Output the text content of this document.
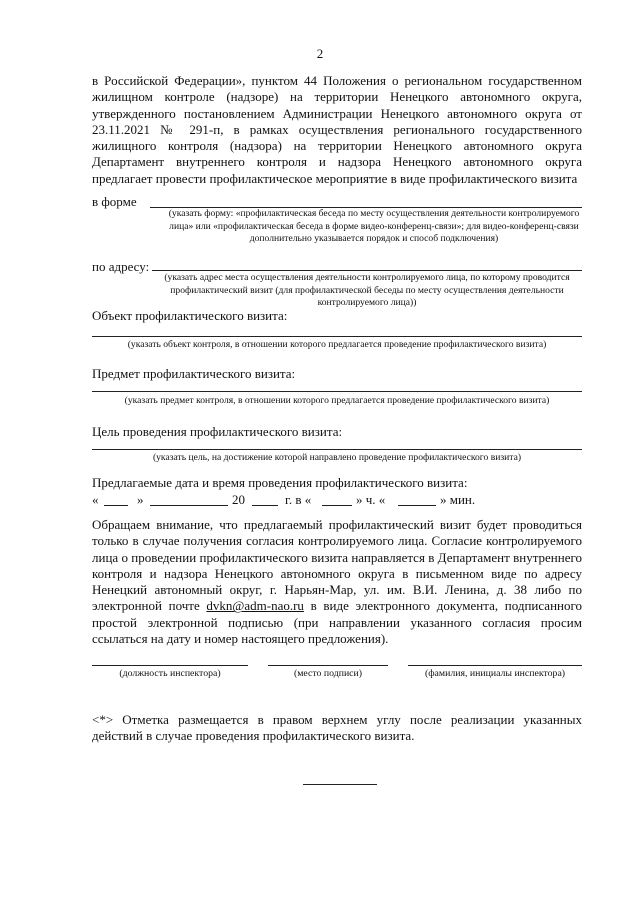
2
в Российской Федерации», пунктом 44 Положения о региональном государственном жилищном контроле (надзоре) на территории Ненецкого автономного округа, утвержденного постановлением Администрации Ненецкого автономного округа от 23.11.2021 № 291-п, в рамках осуществления регионального государственного жилищного контроля (надзора) на территории Ненецкого автономного округа Департамент внутреннего контроля и надзора Ненецкого автономного округа предлагает провести профилактическое мероприятие в виде профилактического визита
в форме
(указать форму: «профилактическая беседа по месту осуществления деятельности контролируемого лица» или «профилактическая беседа в форме видео-конференц-связи»; для видео-конференц-связи дополнительно указывается порядок и способ подключения)
по адресу:
(указать адрес места осуществления деятельности контролируемого лица, по которому проводится профилактический визит (для профилактической беседы по месту осуществления деятельности контролируемого лица))
Объект профилактического визита:
(указать объект контроля, в отношении которого предлагается проведение профилактического визита)
Предмет профилактического визита:
(указать предмет контроля, в отношении которого предлагается проведение профилактического визита)
Цель проведения профилактического визита:
(указать цель, на достижение которой направлено проведение профилактического визита)
Предлагаемые дата и время проведения профилактического визита:
«	»	20	г. в «	» ч. «	» мин.
Обращаем внимание, что предлагаемый профилактический визит будет проводиться только в случае получения согласия контролируемого лица. Согласие контролируемого лица о проведении профилактического визита направляется в Департамент внутреннего контроля и надзора Ненецкого автономного округа в письменном виде по адресу Ненецкий автономный округ, г. Нарьян-Мар, ул. им. В.И. Ленина, д. 38 либо по электронной почте dvkn@adm-nao.ru в виде электронного документа, подписанного простой электронной подписью (при направлении указанного согласия просим ссылаться на дату и номер настоящего предложения).
(должность инспектора)	(место подписи)	(фамилия, инициалы инспектора)
<*> Отметка размещается в правом верхнем углу после реализации указанных действий в случае проведения профилактического визита.
